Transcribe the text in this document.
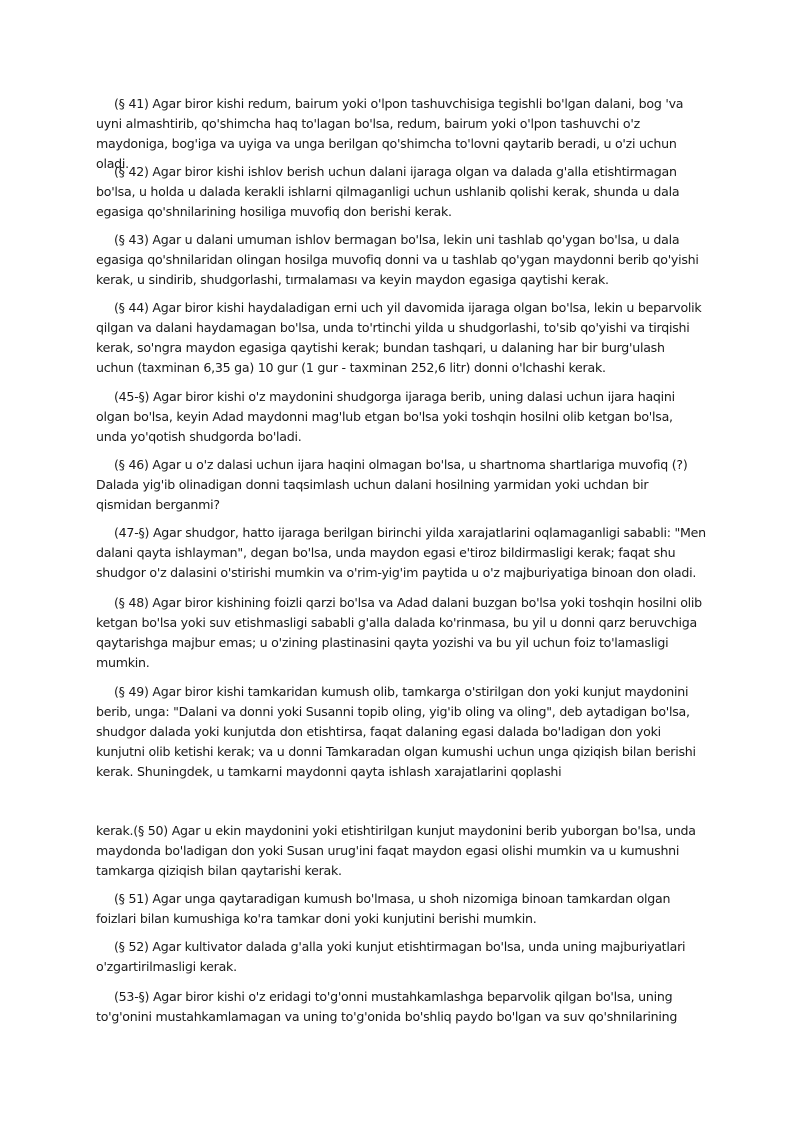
(§ 41) Agar biror kishi redum, bairum yoki o'lpon tashuvchisiga tegishli bo'lgan dalani, bog 'va uyni almashtirib, qo'shimcha haq to'lagan bo'lsa, redum, bairum yoki o'lpon tashuvchi o'z maydoniga, bog'iga va uyiga va unga berilgan qo'shimcha to'lovni qaytarib beradi, u o'zi uchun oladi.

(§ 42) Agar biror kishi ishlov berish uchun dalani ijaraga olgan va dalada g'alla etishtirmagan bo'lsa, u holda u dalada kerakli ishlarni qilmaganligi uchun ushlanib qolishi kerak, shunda u dala egasiga qo'shnilarining hosiliga muvofiq don berishi kerak.

(§ 43) Agar u dalani umuman ishlov bermagan bo'lsa, lekin uni tashlab qo'ygan bo'lsa, u dala egasiga qo'shnilaridan olingan hosilga muvofiq donni va u tashlab qo'ygan maydonni berib qo'yishi kerak, u sindirib, shudgorlashi, tırmalaması va keyin maydon egasiga qaytishi kerak.

(§ 44) Agar biror kishi haydaladigan erni uch yil davomida ijaraga olgan bo'lsa, lekin u beparvolik qilgan va dalani haydamagan bo'lsa, unda to'rtinchi yilda u shudgorlashi, to'sib qo'yishi va tirqishi kerak, so'ngra maydon egasiga qaytishi kerak; bundan tashqari, u dalaning har bir burg'ulash uchun (taxminan 6,35 ga) 10 gur (1 gur - taxminan 252,6 litr) donni o'lchashi kerak.

(45-§) Agar biror kishi o'z maydonini shudgorga ijaraga berib, uning dalasi uchun ijara haqini olgan bo'lsa, keyin Adad maydonni mag'lub etgan bo'lsa yoki toshqin hosilni olib ketgan bo'lsa, unda yo'qotish shudgorda bo'ladi.

(§ 46) Agar u o'z dalasi uchun ijara haqini olmagan bo'lsa, u shartnoma shartlariga muvofiq (?) Dalada yig'ib olinadigan donni taqsimlash uchun dalani hosilning yarmidan yoki uchdan bir qismidan berganmi?

(47-§) Agar shudgor, hatto ijaraga berilgan birinchi yilda xarajatlarini oqlamaganligi sababli: "Men dalani qayta ishlayman", degan bo'lsa, unda maydon egasi e'tiroz bildirmasligi kerak; faqat shu shudgor o'z dalasini o'stirishi mumkin va o'rim-yig'im paytida u o'z majburiyatiga binoan don oladi.

(§ 48) Agar biror kishining foizli qarzi bo'lsa va Adad dalani buzgan bo'lsa yoki toshqin hosilni olib ketgan bo'lsa yoki suv etishmasligi sababli g'alla dalada ko'rinmasa, bu yil u donni qarz beruvchiga qaytarishga majbur emas; u o'zining plastinasini qayta yozishi va bu yil uchun foiz to'lamasligi mumkin.

(§ 49) Agar biror kishi tamkaridan kumush olib, tamkarga o'stirilgan don yoki kunjut maydonini berib, unga: "Dalani va donni yoki Susanni topib oling, yig'ib oling va oling", deb aytadigan bo'lsa, shudgor dalada yoki kunjutda don etishtirsa, faqat dalaning egasi dalada bo'ladigan don yoki kunjutni olib ketishi kerak; va u donni Tamkaradan olgan kumushi uchun unga qiziqish bilan berishi kerak. Shuningdek, u tamkarni maydonni qayta ishlash xarajatlarini qoplashi

kerak.(§ 50) Agar u ekin maydonini yoki etishtirilgan kunjut maydonini berib yuborgan bo'lsa, unda maydonda bo'ladigan don yoki Susan urug'ini faqat maydon egasi olishi mumkin va u kumushni tamkarga qiziqish bilan qaytarishi kerak.

(§ 51) Agar unga qaytaradigan kumush bo'lmasa, u shoh nizomiga binoan tamkardan olgan foizlari bilan kumushiga ko'ra tamkar doni yoki kunjutini berishi mumkin.

(§ 52) Agar kultivator dalada g'alla yoki kunjut etishtirmagan bo'lsa, unda uning majburiyatlari o'zgartirilmasligi kerak.

(53-§) Agar biror kishi o'z eridagi to'g'onni mustahkamlashga beparvolik qilgan bo'lsa, uning to'g'onini mustahkamlamagan va uning to'g'onida bo'shliq paydo bo'lgan va suv qo'shnilarining
